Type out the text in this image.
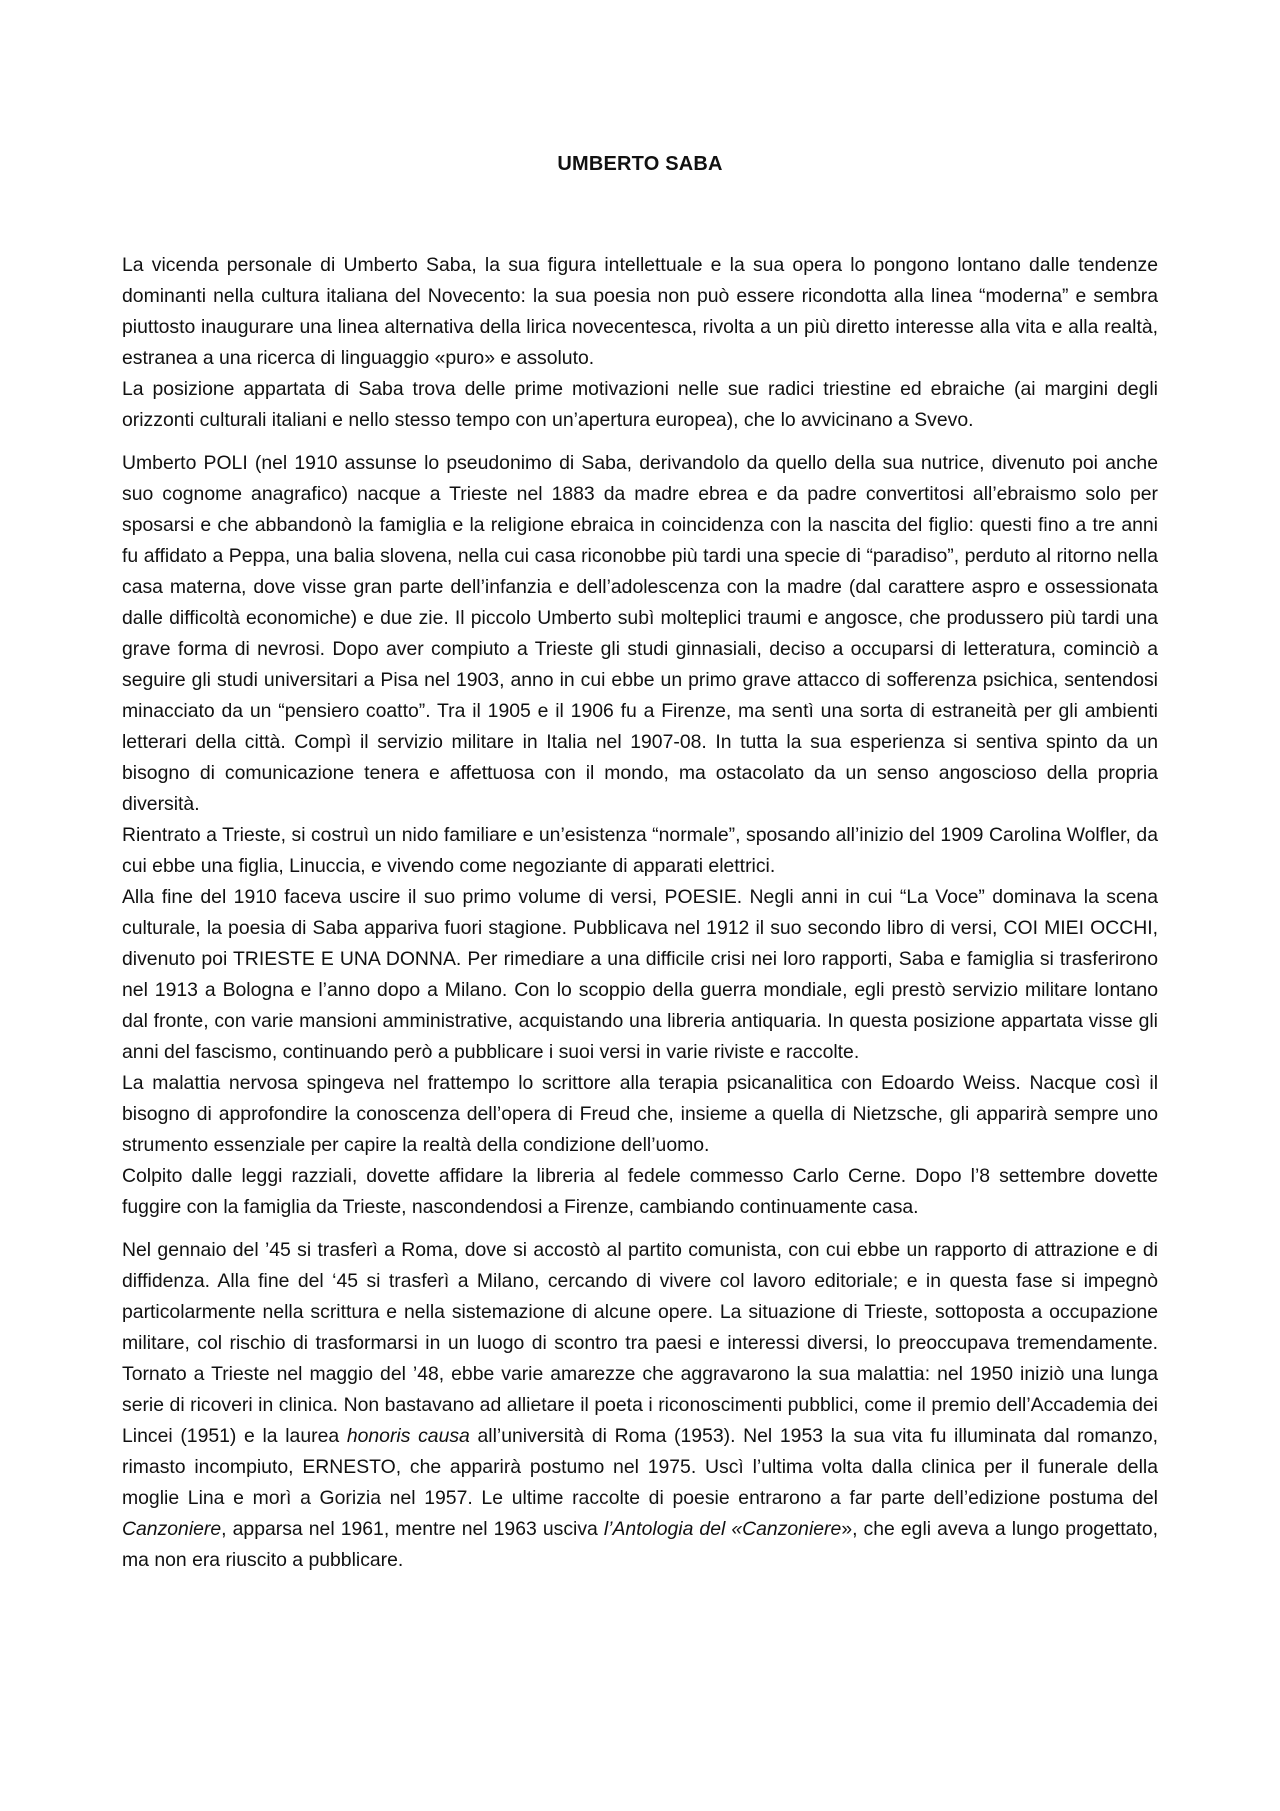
UMBERTO SABA

La vicenda personale di Umberto Saba, la sua figura intellettuale e la sua opera lo pongono lontano dalle tendenze dominanti nella cultura italiana del Novecento: la sua poesia non può essere ricondotta alla linea “moderna” e sembra piuttosto inaugurare una linea alternativa della lirica novecentesca, rivolta a un più diretto interesse alla vita e alla realtà, estranea a una ricerca di linguaggio «puro» e assoluto.

La posizione appartata di Saba trova delle prime motivazioni nelle sue radici triestine ed ebraiche (ai margini degli orizzonti culturali italiani e nello stesso tempo con un’apertura europea), che lo avvicinano a Svevo.

Umberto POLI (nel 1910 assunse lo pseudonimo di Saba, derivandolo da quello della sua nutrice, divenuto poi anche suo cognome anagrafico) nacque a Trieste nel 1883 da madre ebrea e da padre convertitosi all’ebraismo solo per sposarsi e che abbandonò la famiglia e la religione ebraica in coincidenza con la nascita del figlio: questi fino a tre anni fu affidato a Peppa, una balia slovena, nella cui casa riconobbe più tardi una specie di “paradiso”, perduto al ritorno nella casa materna, dove visse gran parte dell’infanzia e dell’adolescenza con la madre (dal carattere aspro e ossessionata dalle difficoltà economiche) e due zie. Il piccolo Umberto subì molteplici traumi e angosce, che produssero più tardi una grave forma di nevrosi. Dopo aver compiuto a Trieste gli studi ginnasiali, deciso a occuparsi di letteratura, cominciò a seguire gli studi universitari a Pisa nel 1903, anno in cui ebbe un primo grave attacco di sofferenza psichica, sentendosi minacciato da un “pensiero coatto”. Tra il 1905 e il 1906 fu a Firenze, ma sentì una sorta di estraneità per gli ambienti letterari della città. Compì il servizio militare in Italia nel 1907-08. In tutta la sua esperienza si sentiva spinto da un bisogno di comunicazione tenera e affettuosa con il mondo, ma ostacolato da un senso angoscioso della propria diversità.

Rientrato a Trieste, si costruì un nido familiare e un’esistenza “normale”, sposando all’inizio del 1909 Carolina Wolfler, da cui ebbe una figlia, Linuccia, e vivendo come negoziante di apparati elettrici.

Alla fine del 1910 faceva uscire il suo primo volume di versi, POESIE. Negli anni in cui “La Voce” dominava la scena culturale, la poesia di Saba appariva fuori stagione. Pubblicava nel 1912 il suo secondo libro di versi, COI MIEI OCCHI, divenuto poi TRIESTE E UNA DONNA. Per rimediare a una difficile crisi nei loro rapporti, Saba e famiglia si trasferirono nel 1913 a Bologna e l’anno dopo a Milano. Con lo scoppio della guerra mondiale, egli prestò servizio militare lontano dal fronte, con varie mansioni amministrative, acquistando una libreria antiquaria. In questa posizione appartata visse gli anni del fascismo, continuando però a pubblicare i suoi versi in varie riviste e raccolte.

La malattia nervosa spingeva nel frattempo lo scrittore alla terapia psicanalitica con Edoardo Weiss. Nacque così il bisogno di approfondire la conoscenza dell’opera di Freud che, insieme a quella di Nietzsche, gli apparirà sempre uno strumento essenziale per capire la realtà della condizione dell’uomo.

Colpito dalle leggi razziali, dovette affidare la libreria al fedele commesso Carlo Cerne. Dopo l’8 settembre dovette fuggire con la famiglia da Trieste, nascondendosi a Firenze, cambiando continuamente casa.

Nel gennaio del ’45 si trasferì a Roma, dove si accostò al partito comunista, con cui ebbe un rapporto di attrazione e di diffidenza. Alla fine del ‘45 si trasferì a Milano, cercando di vivere col lavoro editoriale; e in questa fase si impegnò particolarmente nella scrittura e nella sistemazione di alcune opere. La situazione di Trieste, sottoposta a occupazione militare, col rischio di trasformarsi in un luogo di scontro tra paesi e interessi diversi, lo preoccupava tremendamente. Tornato a Trieste nel maggio del ’48, ebbe varie amarezze che aggravarono la sua malattia: nel 1950 iniziò una lunga serie di ricoveri in clinica. Non bastavano ad allietare il poeta i riconoscimenti pubblici, come il premio dell’Accademia dei Lincei (1951) e la laurea honoris causa all’università di Roma (1953). Nel 1953 la sua vita fu illuminata dal romanzo, rimasto incompiuto, ERNESTO, che apparirà postumo nel 1975. Uscì l’ultima volta dalla clinica per il funerale della moglie Lina e morì a Gorizia nel 1957. Le ultime raccolte di poesie entrarono a far parte dell’edizione postuma del Canzoniere, apparsa nel 1961, mentre nel 1963 usciva l’Antologia del «Canzoniere», che egli aveva a lungo progettato, ma non era riuscito a pubblicare.
